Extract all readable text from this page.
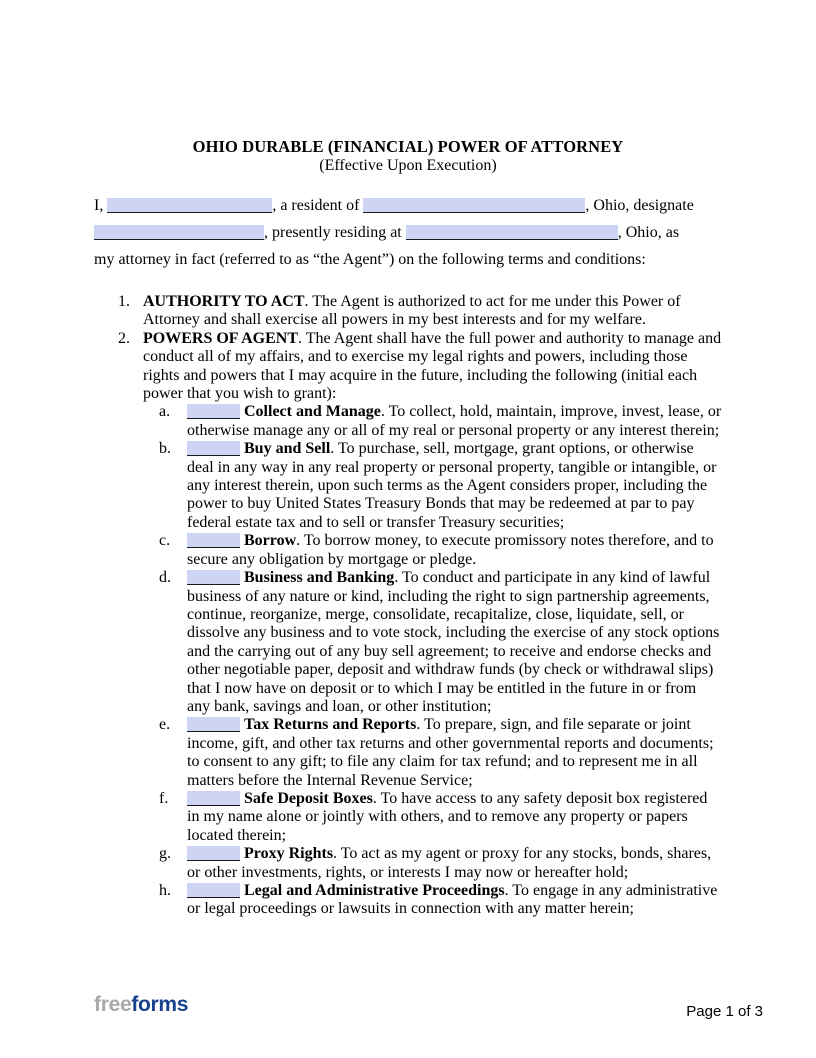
OHIO DURABLE (FINANCIAL) POWER OF ATTORNEY
(Effective Upon Execution)
I,	, a resident of	, Ohio, designate
, presently residing at	, Ohio, as
my attorney in fact (referred to as “the Agent”) on the following terms and conditions:
1. AUTHORITY TO ACT. The Agent is authorized to act for me under this Power of Attorney and shall exercise all powers in my best interests and for my welfare.
2. POWERS OF AGENT. The Agent shall have the full power and authority to manage and conduct all of my affairs, and to exercise my legal rights and powers, including those rights and powers that I may acquire in the future, including the following (initial each power that you wish to grant):
a.	Collect and Manage. To collect, hold, maintain, improve, invest, lease, or otherwise manage any or all of my real or personal property or any interest therein;
b.	Buy and Sell. To purchase, sell, mortgage, grant options, or otherwise deal in any way in any real property or personal property, tangible or intangible, or any interest therein, upon such terms as the Agent considers proper, including the power to buy United States Treasury Bonds that may be redeemed at par to pay federal estate tax and to sell or transfer Treasury securities;
c.	Borrow. To borrow money, to execute promissory notes therefore, and to secure any obligation by mortgage or pledge.
d.	Business and Banking. To conduct and participate in any kind of lawful business of any nature or kind, including the right to sign partnership agreements, continue, reorganize, merge, consolidate, recapitalize, close, liquidate, sell, or dissolve any business and to vote stock, including the exercise of any stock options and the carrying out of any buy sell agreement; to receive and endorse checks and other negotiable paper, deposit and withdraw funds (by check or withdrawal slips) that I now have on deposit or to which I may be entitled in the future in or from any bank, savings and loan, or other institution;
e.	Tax Returns and Reports. To prepare, sign, and file separate or joint income, gift, and other tax returns and other governmental reports and documents; to consent to any gift; to file any claim for tax refund; and to represent me in all matters before the Internal Revenue Service;
f.	Safe Deposit Boxes. To have access to any safety deposit box registered in my name alone or jointly with others, and to remove any property or papers located therein;
g.	Proxy Rights. To act as my agent or proxy for any stocks, bonds, shares, or other investments, rights, or interests I may now or hereafter hold;
h.	Legal and Administrative Proceedings. To engage in any administrative or legal proceedings or lawsuits in connection with any matter herein;
freeforms	Page 1 of 3
